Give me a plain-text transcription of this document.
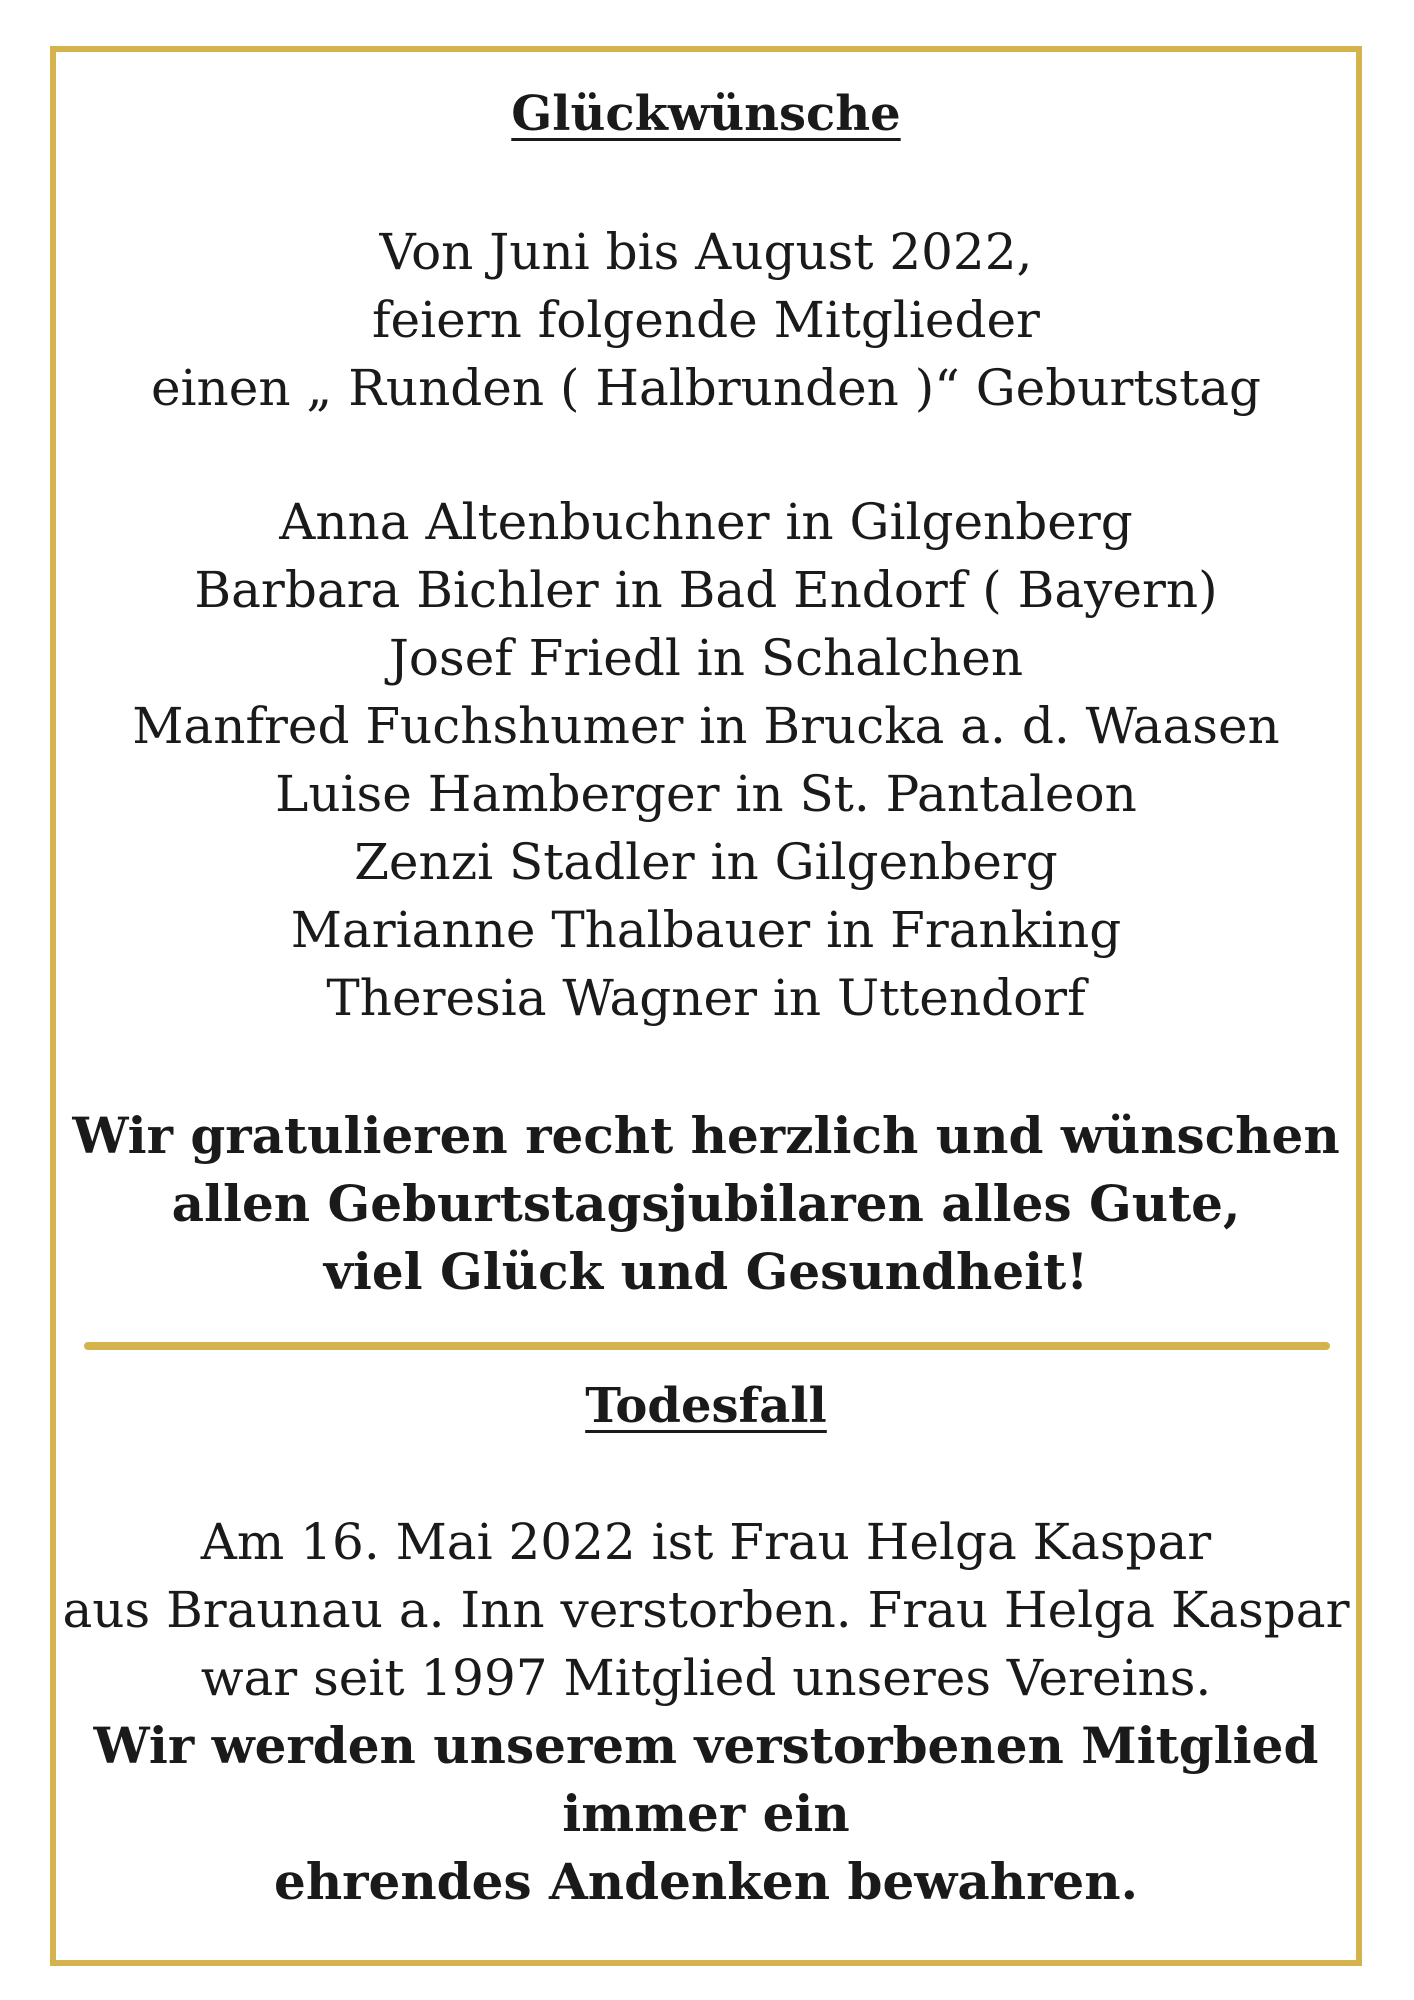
Glückwünsche
Von Juni bis August 2022,
feiern folgende Mitglieder
einen „ Runden ( Halbrunden )“ Geburtstag
Anna Altenbuchner in Gilgenberg
Barbara Bichler in Bad Endorf ( Bayern)
Josef Friedl in Schalchen
Manfred Fuchshumer in Brucka a. d. Waasen
Luise Hamberger in St. Pantaleon
Zenzi Stadler in Gilgenberg
Marianne Thalbauer in Franking
Theresia Wagner in Uttendorf
Wir gratulieren recht herzlich und wünschen
allen Geburtstagsjubilaren alles Gute,
viel Glück und Gesundheit!
Todesfall
Am 16. Mai 2022 ist Frau Helga Kaspar
aus Braunau a. Inn verstorben. Frau Helga Kaspar
war seit 1997 Mitglied unseres Vereins.
Wir werden unserem verstorbenen Mitglied
immer ein
ehrendes Andenken bewahren.
